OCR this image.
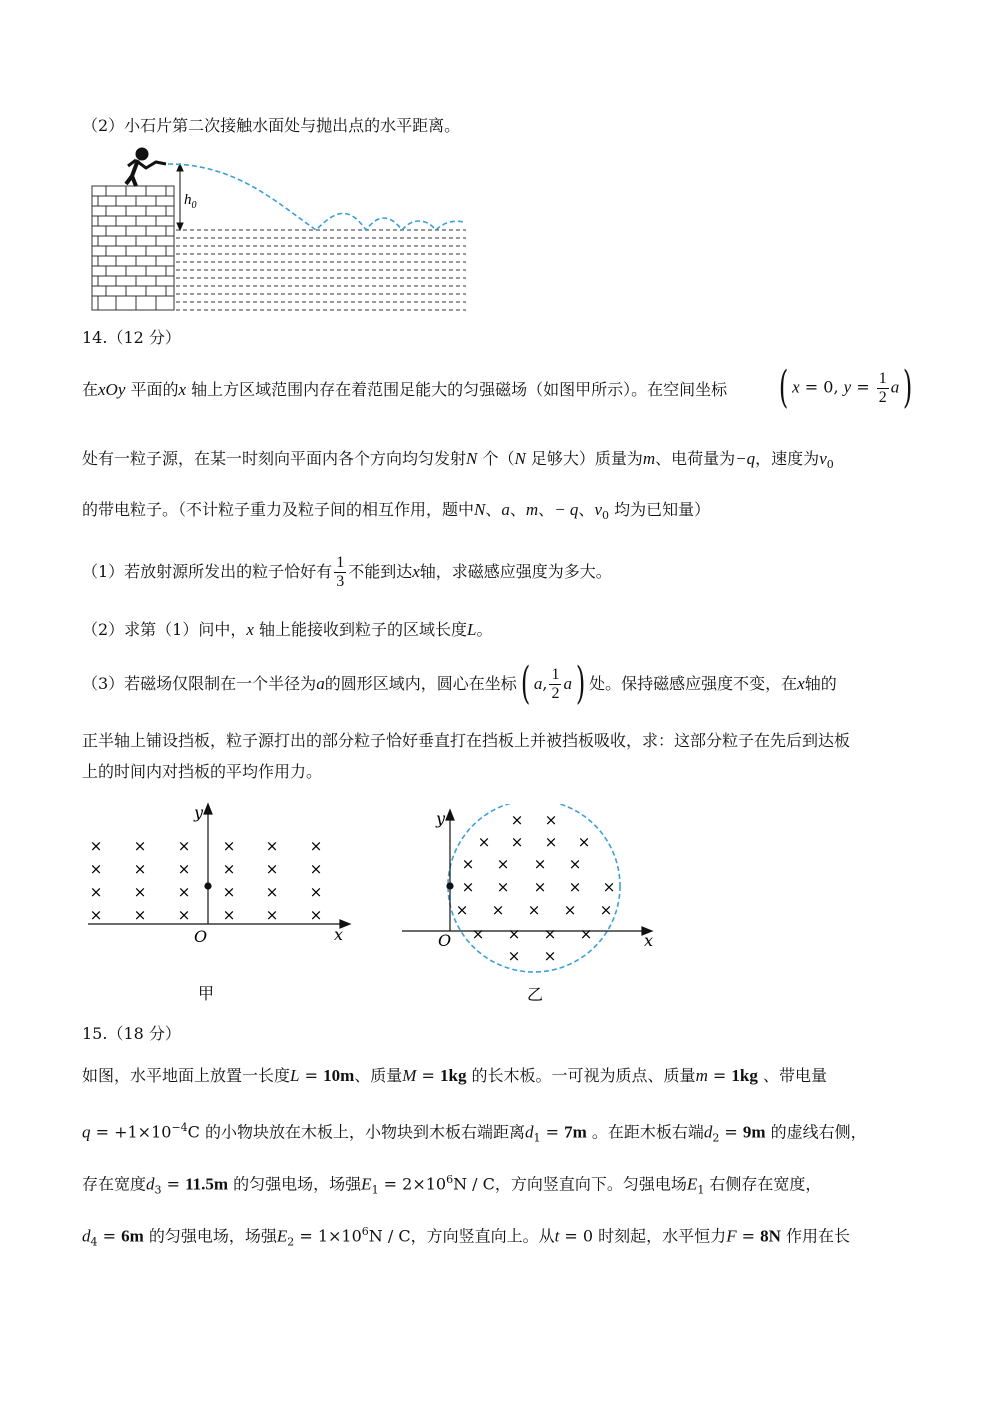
（2）小石片第二次接触水面处与抛出点的水平距离。
$h_0$
14.（12 分）
在xOy 平面的x 轴上方区域范围内存在着范围足能大的匀强磁场（如图甲所示）。在空间坐标 ( x = 0, $y = \frac{1}{2} a$)
处有一粒子源，在某一时刻向平面内各个方向均匀发射N 个（N 足够大）质量为m、电荷量为−q，速度为$v_0$
的带电粒子。（不计粒子重力及粒子间的相互作用，题中N、a、m、− q、$v_0$ 均为已知量）
（1）若放射源所发出的粒子恰好有 $\frac{1}{3}$ 不能到达 x 轴，求磁感应强度为多大。
（2）求第（1）问中，x 轴上能接收到粒子的区域长度L。
（3）若磁场仅限制在一个半径为 a 的圆形区域内，圆心在坐标 ( a , $\frac{1}{2}$ a ) 处。保持磁感应强度不变，在 x 轴的
正半轴上铺设挡板，粒子源打出的部分粒子恰好垂直打在挡板上并被挡板吸收，求：这部分粒子在先后到达板
上的时间内对挡板的平均作用力。
y
x
O
× × × × × ×
× × × × × ×
× × × × × ×
× × × × × ×
甲
y
x
O
× ×
× × × ×
× × × ×
× × × × ×
× × × × ×
× × × ×
× ×
乙
15.（18 分）
如图，水平地面上放置一长度L = 10m、质量M = 1kg 的长木板。一可视为质点、质量m = 1kg 、带电量
$q = +1\times 10^{-4}C$ 的小物块放在木板上，小物块到木板右端距离$d_1 = 7m$ 。在距木板右端$d_2 = 9m$ 的虚线右侧，
存在宽度$d_3 = 11.5m$ 的匀强电场，场强$E_1 = 2\times 10^6N / C$，方向竖直向下。匀强电场$E_1$ 右侧存在宽度，
$d_4 = 6m$ 的匀强电场，场强$E_2 = 1\times 10^6N / C$，方向竖直向上。从t = 0 时刻起，水平恒力F = 8N 作用在长
